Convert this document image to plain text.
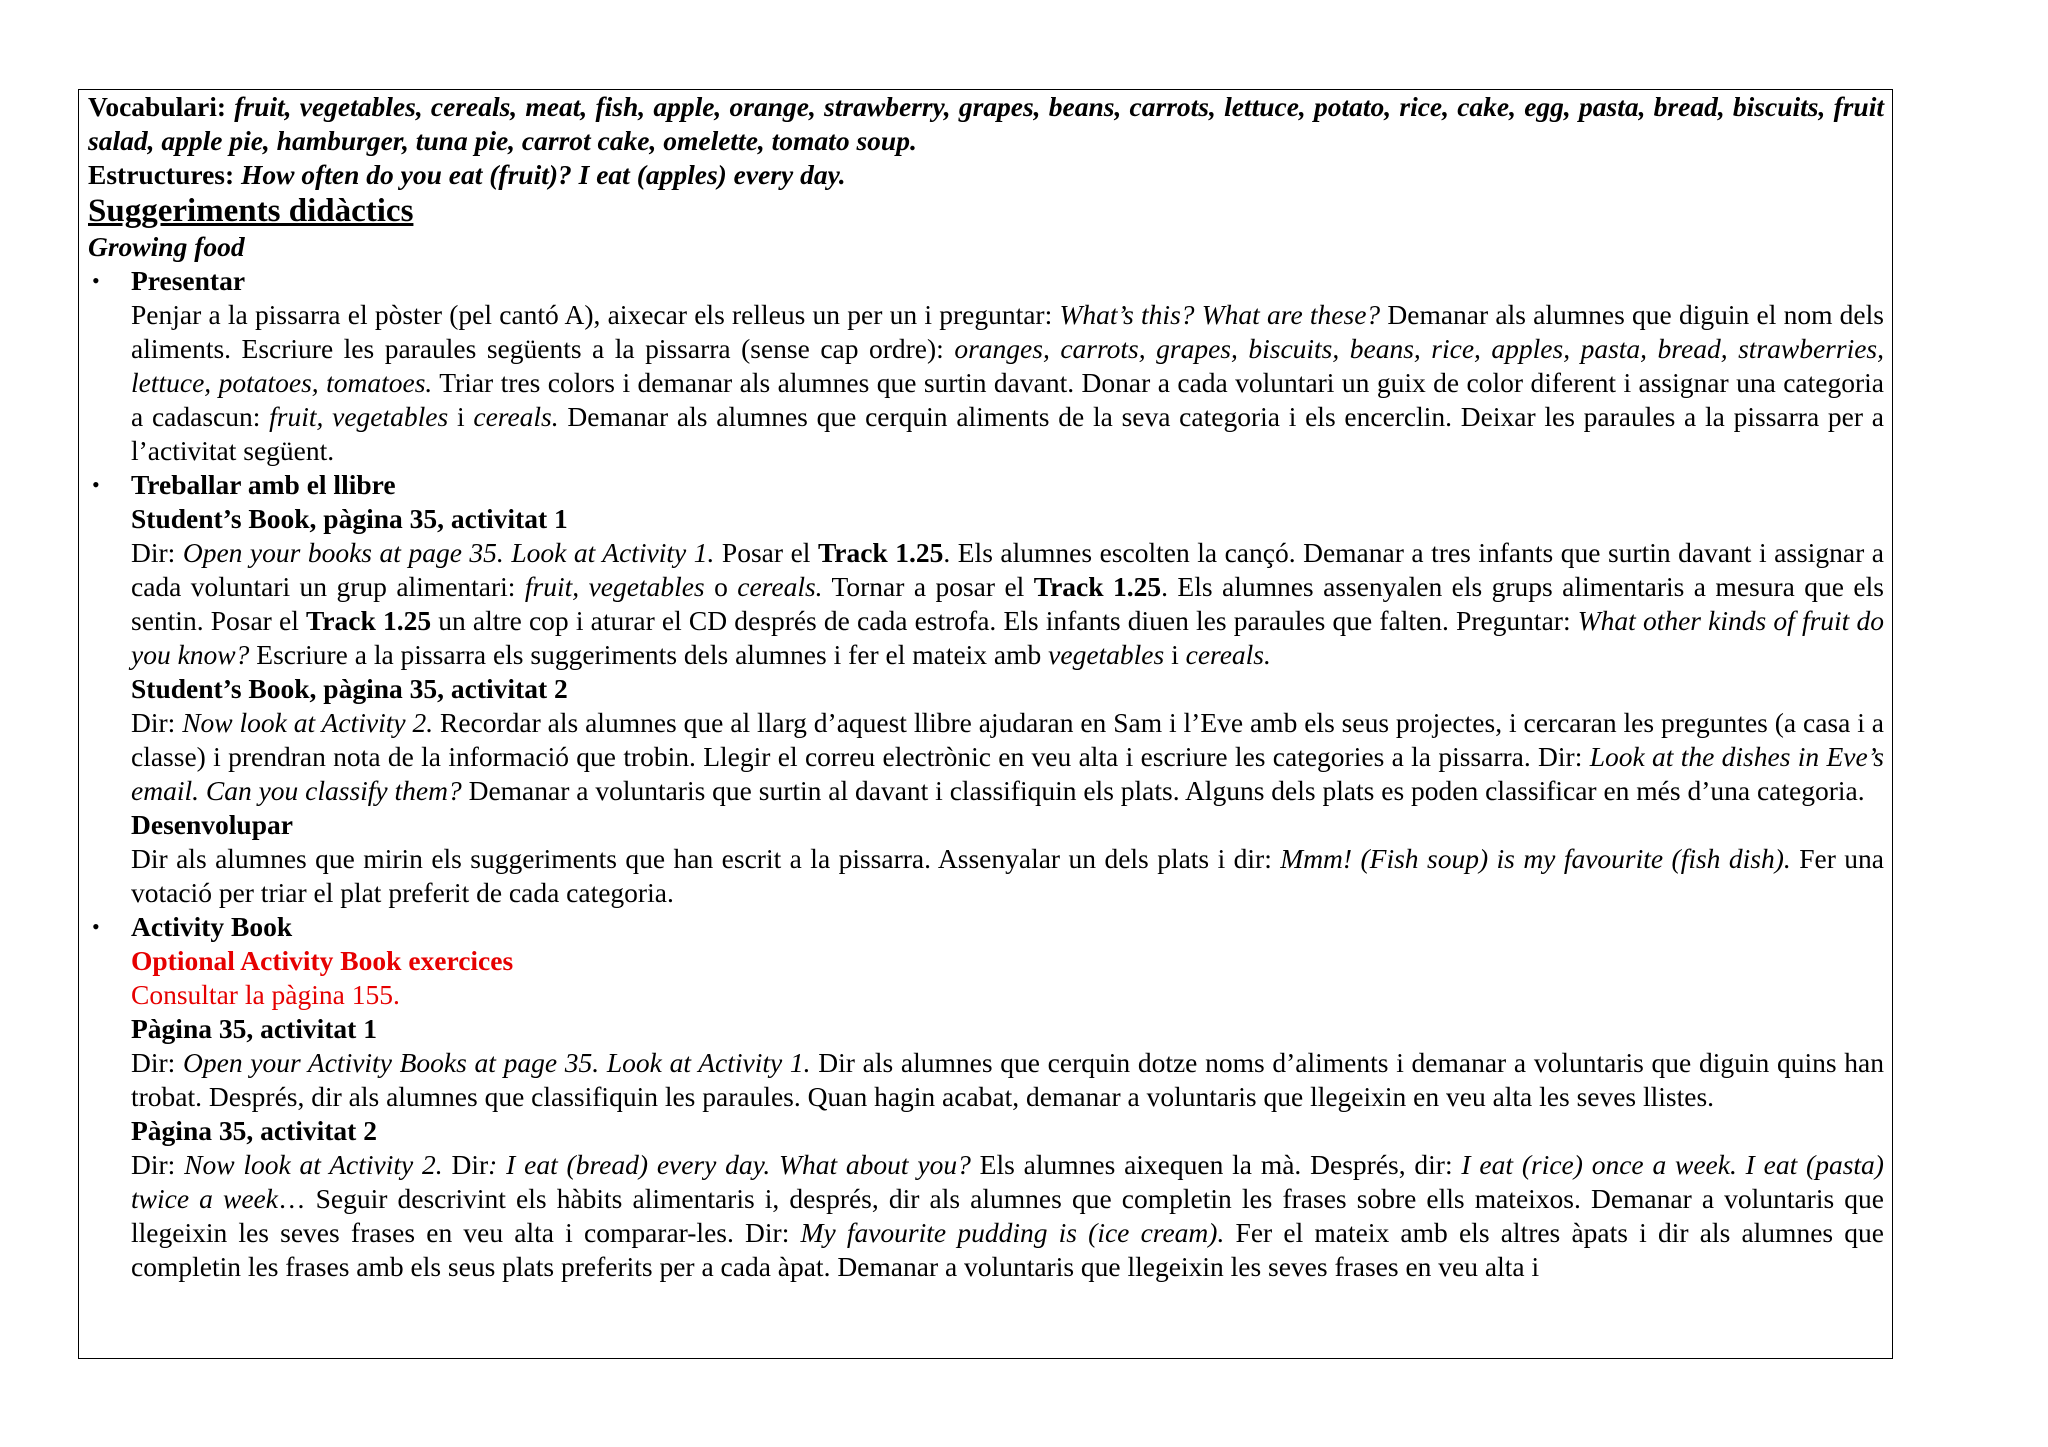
Vocabulari: fruit, vegetables, cereals, meat, fish, apple, orange, strawberry, grapes, beans, carrots, lettuce, potato, rice, cake, egg, pasta, bread, biscuits, fruit salad, apple pie, hamburger, tuna pie, carrot cake, omelette, tomato soup.

Estructures: How often do you eat (fruit)? I eat (apples) every day.

Suggeriments didàctics

Growing food

• Presentar

Penjar a la pissarra el pòster (pel cantó A), aixecar els relleus un per un i preguntar: What’s this? What are these? Demanar als alumnes que diguin el nom dels aliments. Escriure les paraules següents a la pissarra (sense cap ordre): oranges, carrots, grapes, biscuits, beans, rice, apples, pasta, bread, strawberries, lettuce, potatoes, tomatoes. Triar tres colors i demanar als alumnes que surtin davant. Donar a cada voluntari un guix de color diferent i assignar una categoria a cadascun: fruit, vegetables i cereals. Demanar als alumnes que cerquin aliments de la seva categoria i els encerclin. Deixar les paraules a la pissarra per a l’activitat següent.

• Treballar amb el llibre

Student’s Book, pàgina 35, activitat 1

Dir: Open your books at page 35. Look at Activity 1. Posar el Track 1.25. Els alumnes escolten la cançó. Demanar a tres infants que surtin davant i assignar a cada voluntari un grup alimentari: fruit, vegetables o cereals. Tornar a posar el Track 1.25. Els alumnes assenyalen els grups alimentaris a mesura que els sentin. Posar el Track 1.25 un altre cop i aturar el CD després de cada estrofa. Els infants diuen les paraules que falten. Preguntar: What other kinds of fruit do you know? Escriure a la pissarra els suggeriments dels alumnes i fer el mateix amb vegetables i cereals.

Student’s Book, pàgina 35, activitat 2

Dir: Now look at Activity 2. Recordar als alumnes que al llarg d’aquest llibre ajudaran en Sam i l’Eve amb els seus projectes, i cercaran les preguntes (a casa i a classe) i prendran nota de la informació que trobin. Llegir el correu electrònic en veu alta i escriure les categories a la pissarra. Dir: Look at the dishes in Eve’s email. Can you classify them? Demanar a voluntaris que surtin al davant i classifiquin els plats. Alguns dels plats es poden classificar en més d’una categoria.

Desenvolupar

Dir als alumnes que mirin els suggeriments que han escrit a la pissarra. Assenyalar un dels plats i dir: Mmm! (Fish soup) is my favourite (fish dish). Fer una votació per triar el plat preferit de cada categoria.

• Activity Book

Optional Activity Book exercices

Consultar la pàgina 155.

Pàgina 35, activitat 1

Dir: Open your Activity Books at page 35. Look at Activity 1. Dir als alumnes que cerquin dotze noms d’aliments i demanar a voluntaris que diguin quins han trobat. Després, dir als alumnes que classifiquin les paraules. Quan hagin acabat, demanar a voluntaris que llegeixin en veu alta les seves llistes.

Pàgina 35, activitat 2

Dir: Now look at Activity 2. Dir: I eat (bread) every day. What about you? Els alumnes aixequen la mà. Després, dir: I eat (rice) once a week. I eat (pasta) twice a week… Seguir descrivint els hàbits alimentaris i, després, dir als alumnes que completin les frases sobre ells mateixos. Demanar a voluntaris que llegeixin les seves frases en veu alta i comparar-les. Dir: My favourite pudding is (ice cream). Fer el mateix amb els altres àpats i dir als alumnes que completin les frases amb els seus plats preferits per a cada àpat. Demanar a voluntaris que llegeixin les seves frases en veu alta i
